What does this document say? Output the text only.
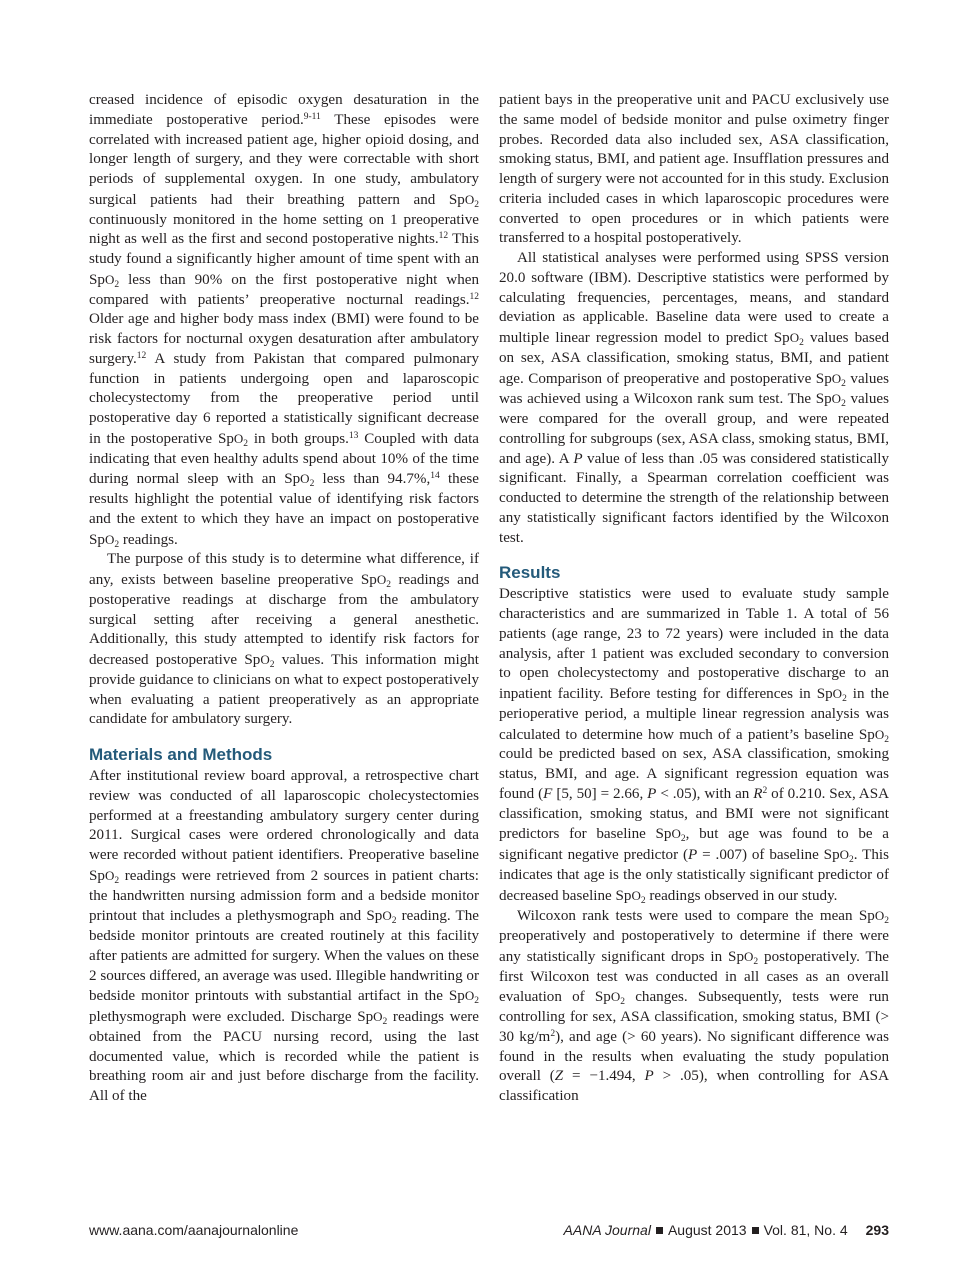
creased incidence of episodic oxygen desaturation in the immediate postoperative period.$^{9-11}$ These episodes were correlated with increased patient age, higher opioid dosing, and longer length of surgery, and they were correctable with short periods of supplemental oxygen. In one study, ambulatory surgical patients had their breathing pattern and SpO$_2$ continuously monitored in the home setting on 1 preoperative night as well as the first and second postoperative nights.$^{12}$ This study found a significantly higher amount of time spent with an SpO$_2$ less than 90% on the first postoperative night when compared with patients’ preoperative nocturnal readings.$^{12}$ Older age and higher body mass index (BMI) were found to be risk factors for nocturnal oxygen desaturation after ambulatory surgery.$^{12}$ A study from Pakistan that compared pulmonary function in patients undergoing open and laparoscopic cholecystectomy from the preoperative period until postoperative day 6 reported a statistically significant decrease in the postoperative SpO$_2$ in both groups.$^{13}$ Coupled with data indicating that even healthy adults spend about 10% of the time during normal sleep with an SpO$_2$ less than 94.7%,$^{14}$ these results highlight the potential value of identifying risk factors and the extent to which they have an impact on postoperative SpO$_2$ readings.

The purpose of this study is to determine what difference, if any, exists between baseline preoperative SpO$_2$ readings and postoperative readings at discharge from the ambulatory surgical setting after receiving a general anesthetic. Additionally, this study attempted to identify risk factors for decreased postoperative SpO$_2$ values. This information might provide guidance to clinicians on what to expect postoperatively when evaluating a patient preoperatively as an appropriate candidate for ambulatory surgery.

Materials and Methods

After institutional review board approval, a retrospective chart review was conducted of all laparoscopic cholecystectomies performed at a freestanding ambulatory surgery center during 2011. Surgical cases were ordered chronologically and data were recorded without patient identifiers. Preoperative baseline SpO$_2$ readings were retrieved from 2 sources in patient charts: the handwritten nursing admission form and a bedside monitor printout that includes a plethysmograph and SpO$_2$ reading. The bedside monitor printouts are created routinely at this facility after patients are admitted for surgery. When the values on these 2 sources differed, an average was used. Illegible handwriting or bedside monitor printouts with substantial artifact in the SpO$_2$ plethysmograph were excluded. Discharge SpO$_2$ readings were obtained from the PACU nursing record, using the last documented value, which is recorded while the patient is breathing room air and just before discharge from the facility. All of the

patient bays in the preoperative unit and PACU exclusively use the same model of bedside monitor and pulse oximetry finger probes. Recorded data also included sex, ASA classification, smoking status, BMI, and patient age. Insufflation pressures and length of surgery were not accounted for in this study. Exclusion criteria included cases in which laparoscopic procedures were converted to open procedures or in which patients were transferred to a hospital postoperatively.

All statistical analyses were performed using SPSS version 20.0 software (IBM). Descriptive statistics were performed by calculating frequencies, percentages, means, and standard deviation as applicable. Baseline data were used to create a multiple linear regression model to predict SpO$_2$ values based on sex, ASA classification, smoking status, BMI, and patient age. Comparison of preoperative and postoperative SpO$_2$ values was achieved using a Wilcoxon rank sum test. The SpO$_2$ values were compared for the overall group, and were repeated controlling for subgroups (sex, ASA class, smoking status, BMI, and age). A P value of less than .05 was considered statistically significant. Finally, a Spearman correlation coefficient was conducted to determine the strength of the relationship between any statistically significant factors identified by the Wilcoxon test.

Results

Descriptive statistics were used to evaluate study sample characteristics and are summarized in Table 1. A total of 56 patients (age range, 23 to 72 years) were included in the data analysis, after 1 patient was excluded secondary to conversion to open cholecystectomy and postoperative discharge to an inpatient facility. Before testing for differences in SpO$_2$ in the perioperative period, a multiple linear regression analysis was calculated to determine how much of a patient’s baseline SpO$_2$ could be predicted based on sex, ASA classification, smoking status, BMI, and age. A significant regression equation was found (F [5, 50] = 2.66, P < .05), with an $R^2$ of 0.210. Sex, ASA classification, smoking status, and BMI were not significant predictors for baseline SpO$_2$, but age was found to be a significant negative predictor (P = .007) of baseline SpO$_2$. This indicates that age is the only statistically significant predictor of decreased baseline SpO$_2$ readings observed in our study.

Wilcoxon rank tests were used to compare the mean SpO$_2$ preoperatively and postoperatively to determine if there were any statistically significant drops in SpO$_2$ postoperatively. The first Wilcoxon test was conducted in all cases as an overall evaluation of SpO$_2$ changes. Subsequently, tests were run controlling for sex, ASA classification, smoking status, BMI (> 30 $kg/m^2$), and age (> 60 years). No significant difference was found in the results when evaluating the study population overall (Z = −1.494, P > .05), when controlling for ASA classification

www.aana.com/aanajournalonline	AANA Journal August 2013 Vol. 81, No. 4 293
